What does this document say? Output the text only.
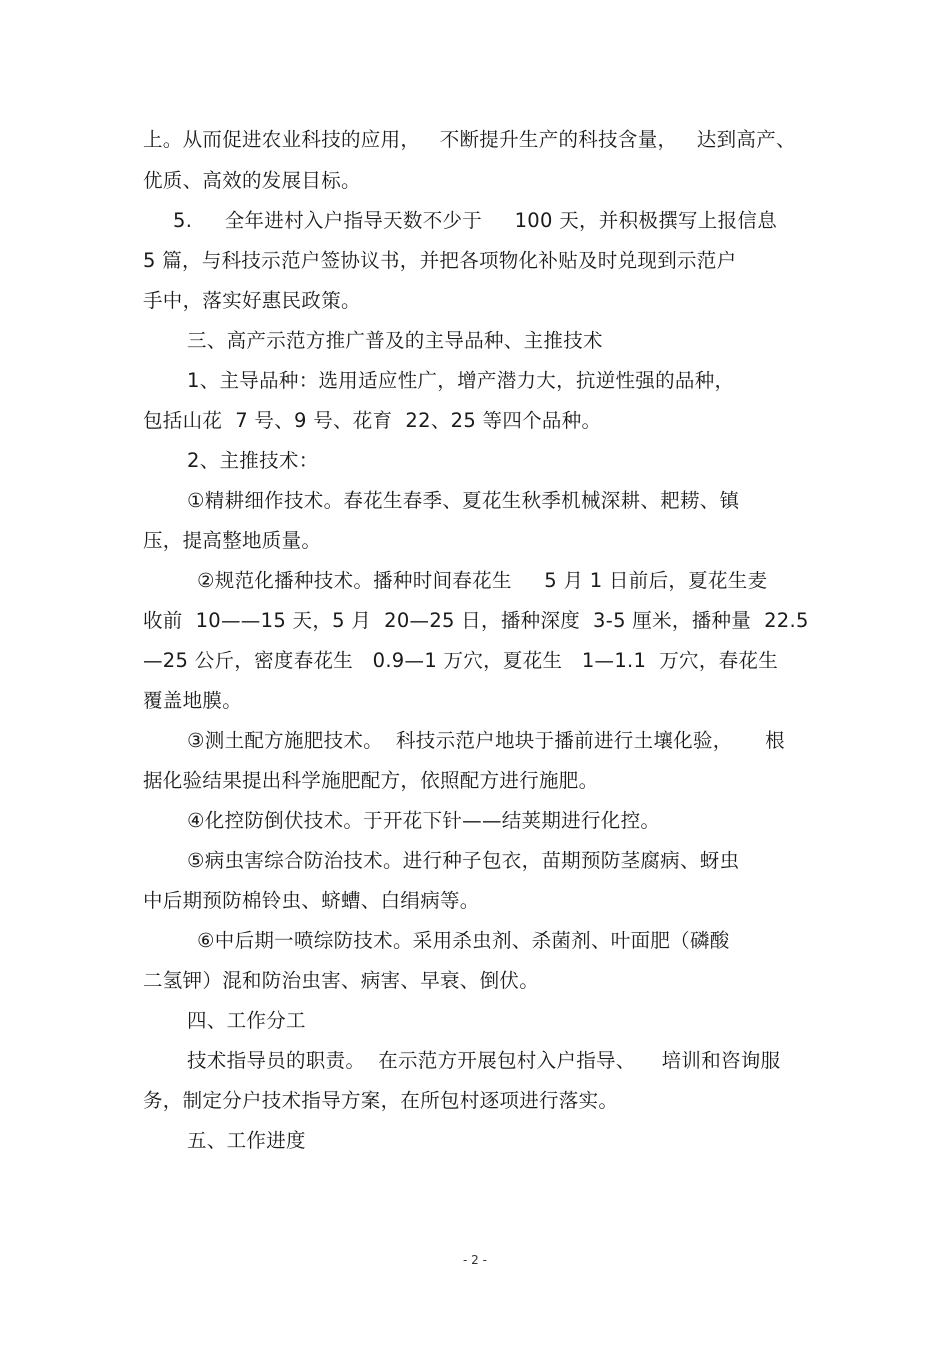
上。从而促进农业科技的应用，   不断提升生产的科技含量，   达到高产、
优质、高效的发展目标。
5.     全年进村入户指导天数不少于     100 天，并积极撰写上报信息
5 篇，与科技示范户签协议书，并把各项物化补贴及时兑现到示范户
手中，落实好惠民政策。
三、高产示范方推广普及的主导品种、主推技术
1、主导品种：选用适应性广，增产潜力大，抗逆性强的品种，
包括山花  7 号、9 号、花育  22、25 等四个品种。
2、主推技术：
①精耕细作技术。春花生春季、夏花生秋季机械深耕、耙耢、镇
压，提高整地质量。
②规范化播种技术。播种时间春花生     5 月 1 日前后，夏花生麦
收前  10——15 天，5 月  20—25 日，播种深度  3-5 厘米，播种量  22.5
—25 公斤，密度春花生   0.9—1 万穴，夏花生   1—1.1  万穴，春花生
覆盖地膜。
③测土配方施肥技术。  科技示范户地块于播前进行土壤化验，     根
据化验结果提出科学施肥配方，依照配方进行施肥。
④化控防倒伏技术。于开花下针——结荚期进行化控。
⑤病虫害综合防治技术。进行种子包衣，苗期预防茎腐病、蚜虫
中后期预防棉铃虫、蛴螬、白绢病等。
⑥中后期一喷综防技术。采用杀虫剂、杀菌剂、叶面肥（磷酸
二氢钾）混和防治虫害、病害、早衰、倒伏。
四、工作分工
技术指导员的职责。  在示范方开展包村入户指导、    培训和咨询服
务，制定分户技术指导方案，在所包村逐项进行落实。
五、工作进度
- 2 -
